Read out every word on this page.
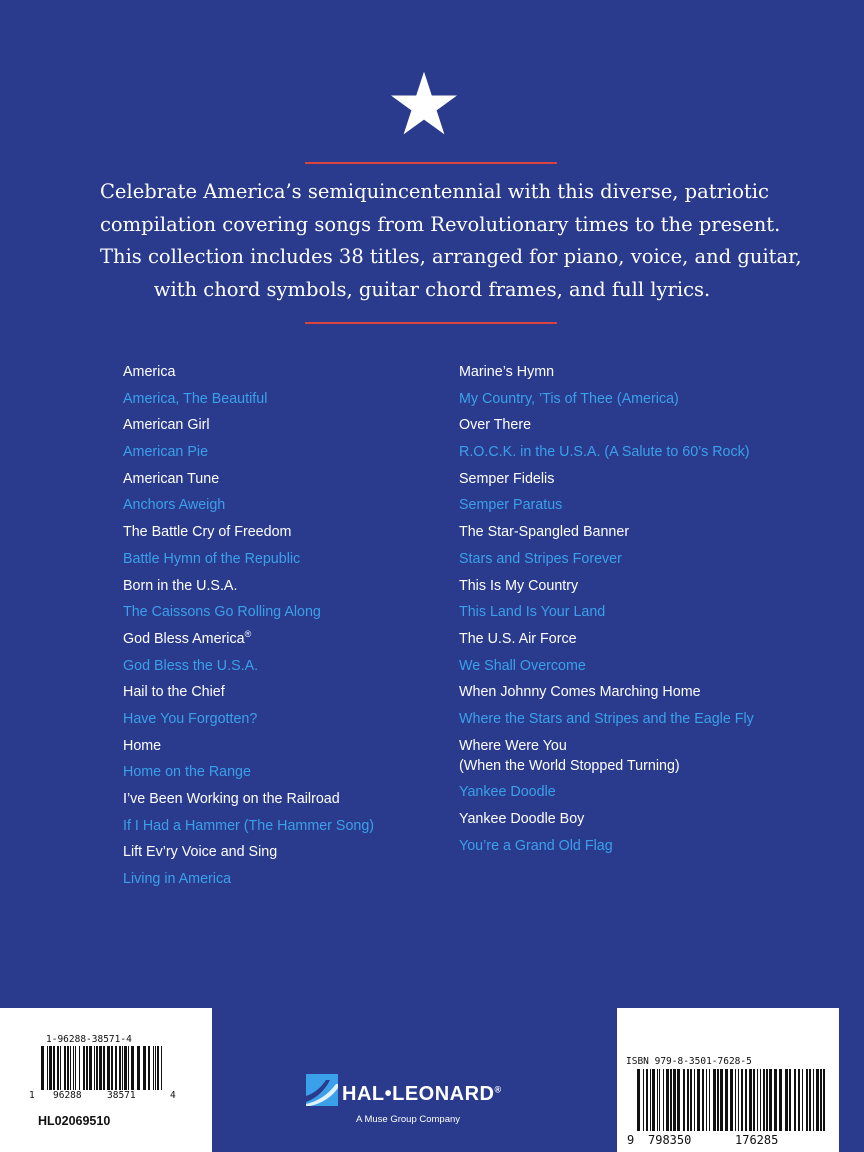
Celebrate America’s semiquincentennial with this diverse, patriotic
compilation covering songs from Revolutionary times to the present.
This collection includes 38 titles, arranged for piano, voice, and guitar,
with chord symbols, guitar chord frames, and full lyrics.

America
America, The Beautiful
American Girl
American Pie
American Tune
Anchors Aweigh
The Battle Cry of Freedom
Battle Hymn of the Republic
Born in the U.S.A.
The Caissons Go Rolling Along
God Bless America®
God Bless the U.S.A.
Hail to the Chief
Have You Forgotten?
Home
Home on the Range
I’ve Been Working on the Railroad
If I Had a Hammer (The Hammer Song)
Lift Ev’ry Voice and Sing
Living in America
Marine’s Hymn
My Country, ’Tis of Thee (America)
Over There
R.O.C.K. in the U.S.A. (A Salute to 60’s Rock)
Semper Fidelis
Semper Paratus
The Star-Spangled Banner
Stars and Stripes Forever
This Is My Country
This Land Is Your Land
The U.S. Air Force
We Shall Overcome
When Johnny Comes Marching Home
Where the Stars and Stripes and the Eagle Fly
Where Were You
(When the World Stopped Turning)
Yankee Doodle
Yankee Doodle Boy
You’re a Grand Old Flag
1-96288-38571-4
1 96288	38571	4
HL02069510
ISBN 979-8-3501-7628-5
9 798350	176285
HAL•LEONARD®
A Muse Group Company
